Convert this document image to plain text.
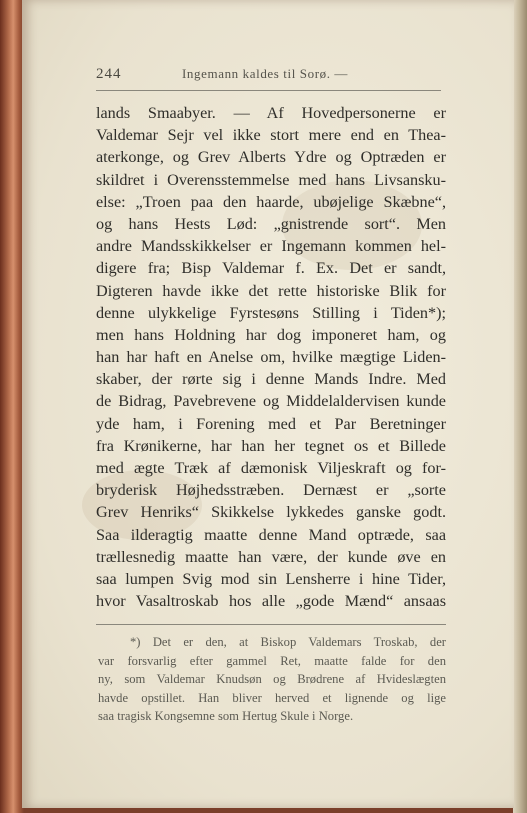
244	Ingemann kaldes til Sorø. —
lands Smaabyer. — Af Hovedpersonerne er
Valdemar Sejr vel ikke stort mere end en Thea-
aterkonge, og Grev Alberts Ydre og Optræden er
skildret i Overensstemmelse med hans Livsansku-
else: „Troen paa den haarde, ubøjelige Skæbne“,
og hans Hests Lød: „gnistrende sort“. Men
andre Mandsskikkelser er Ingemann kommen hel-
digere fra; Bisp Valdemar f. Ex. Det er sandt,
Digteren havde ikke det rette historiske Blik for
denne ulykkelige Fyrstesøns Stilling i Tiden*);
men hans Holdning har dog imponeret ham, og
han har haft en Anelse om, hvilke mægtige Liden-
skaber, der rørte sig i denne Mands Indre. Med
de Bidrag, Pavebrevene og Middelaldervisen kunde
yde ham, i Forening med et Par Beretninger
fra Krønikerne, har han her tegnet os et Billede
med ægte Træk af dæmonisk Viljeskraft og for-
bryderisk Højhedsstræben. Dernæst er „sorte
Grev Henriks“ Skikkelse lykkedes ganske godt.
Saa ilderagtig maatte denne Mand optræde, saa
trællesnedig maatte han være, der kunde øve en
saa lumpen Svig mod sin Lensherre i hine Tider,
hvor Vasaltroskab hos alle „gode Mænd“ ansaas
*) Det er den, at Biskop Valdemars Troskab, der
var forsvarlig efter gammel Ret, maatte falde for den
ny, som Valdemar Knudsøn og Brødrene af Hvideslægten
havde opstillet. Han bliver herved et lignende og lige
saa tragisk Kongsemne som Hertug Skule i Norge.
